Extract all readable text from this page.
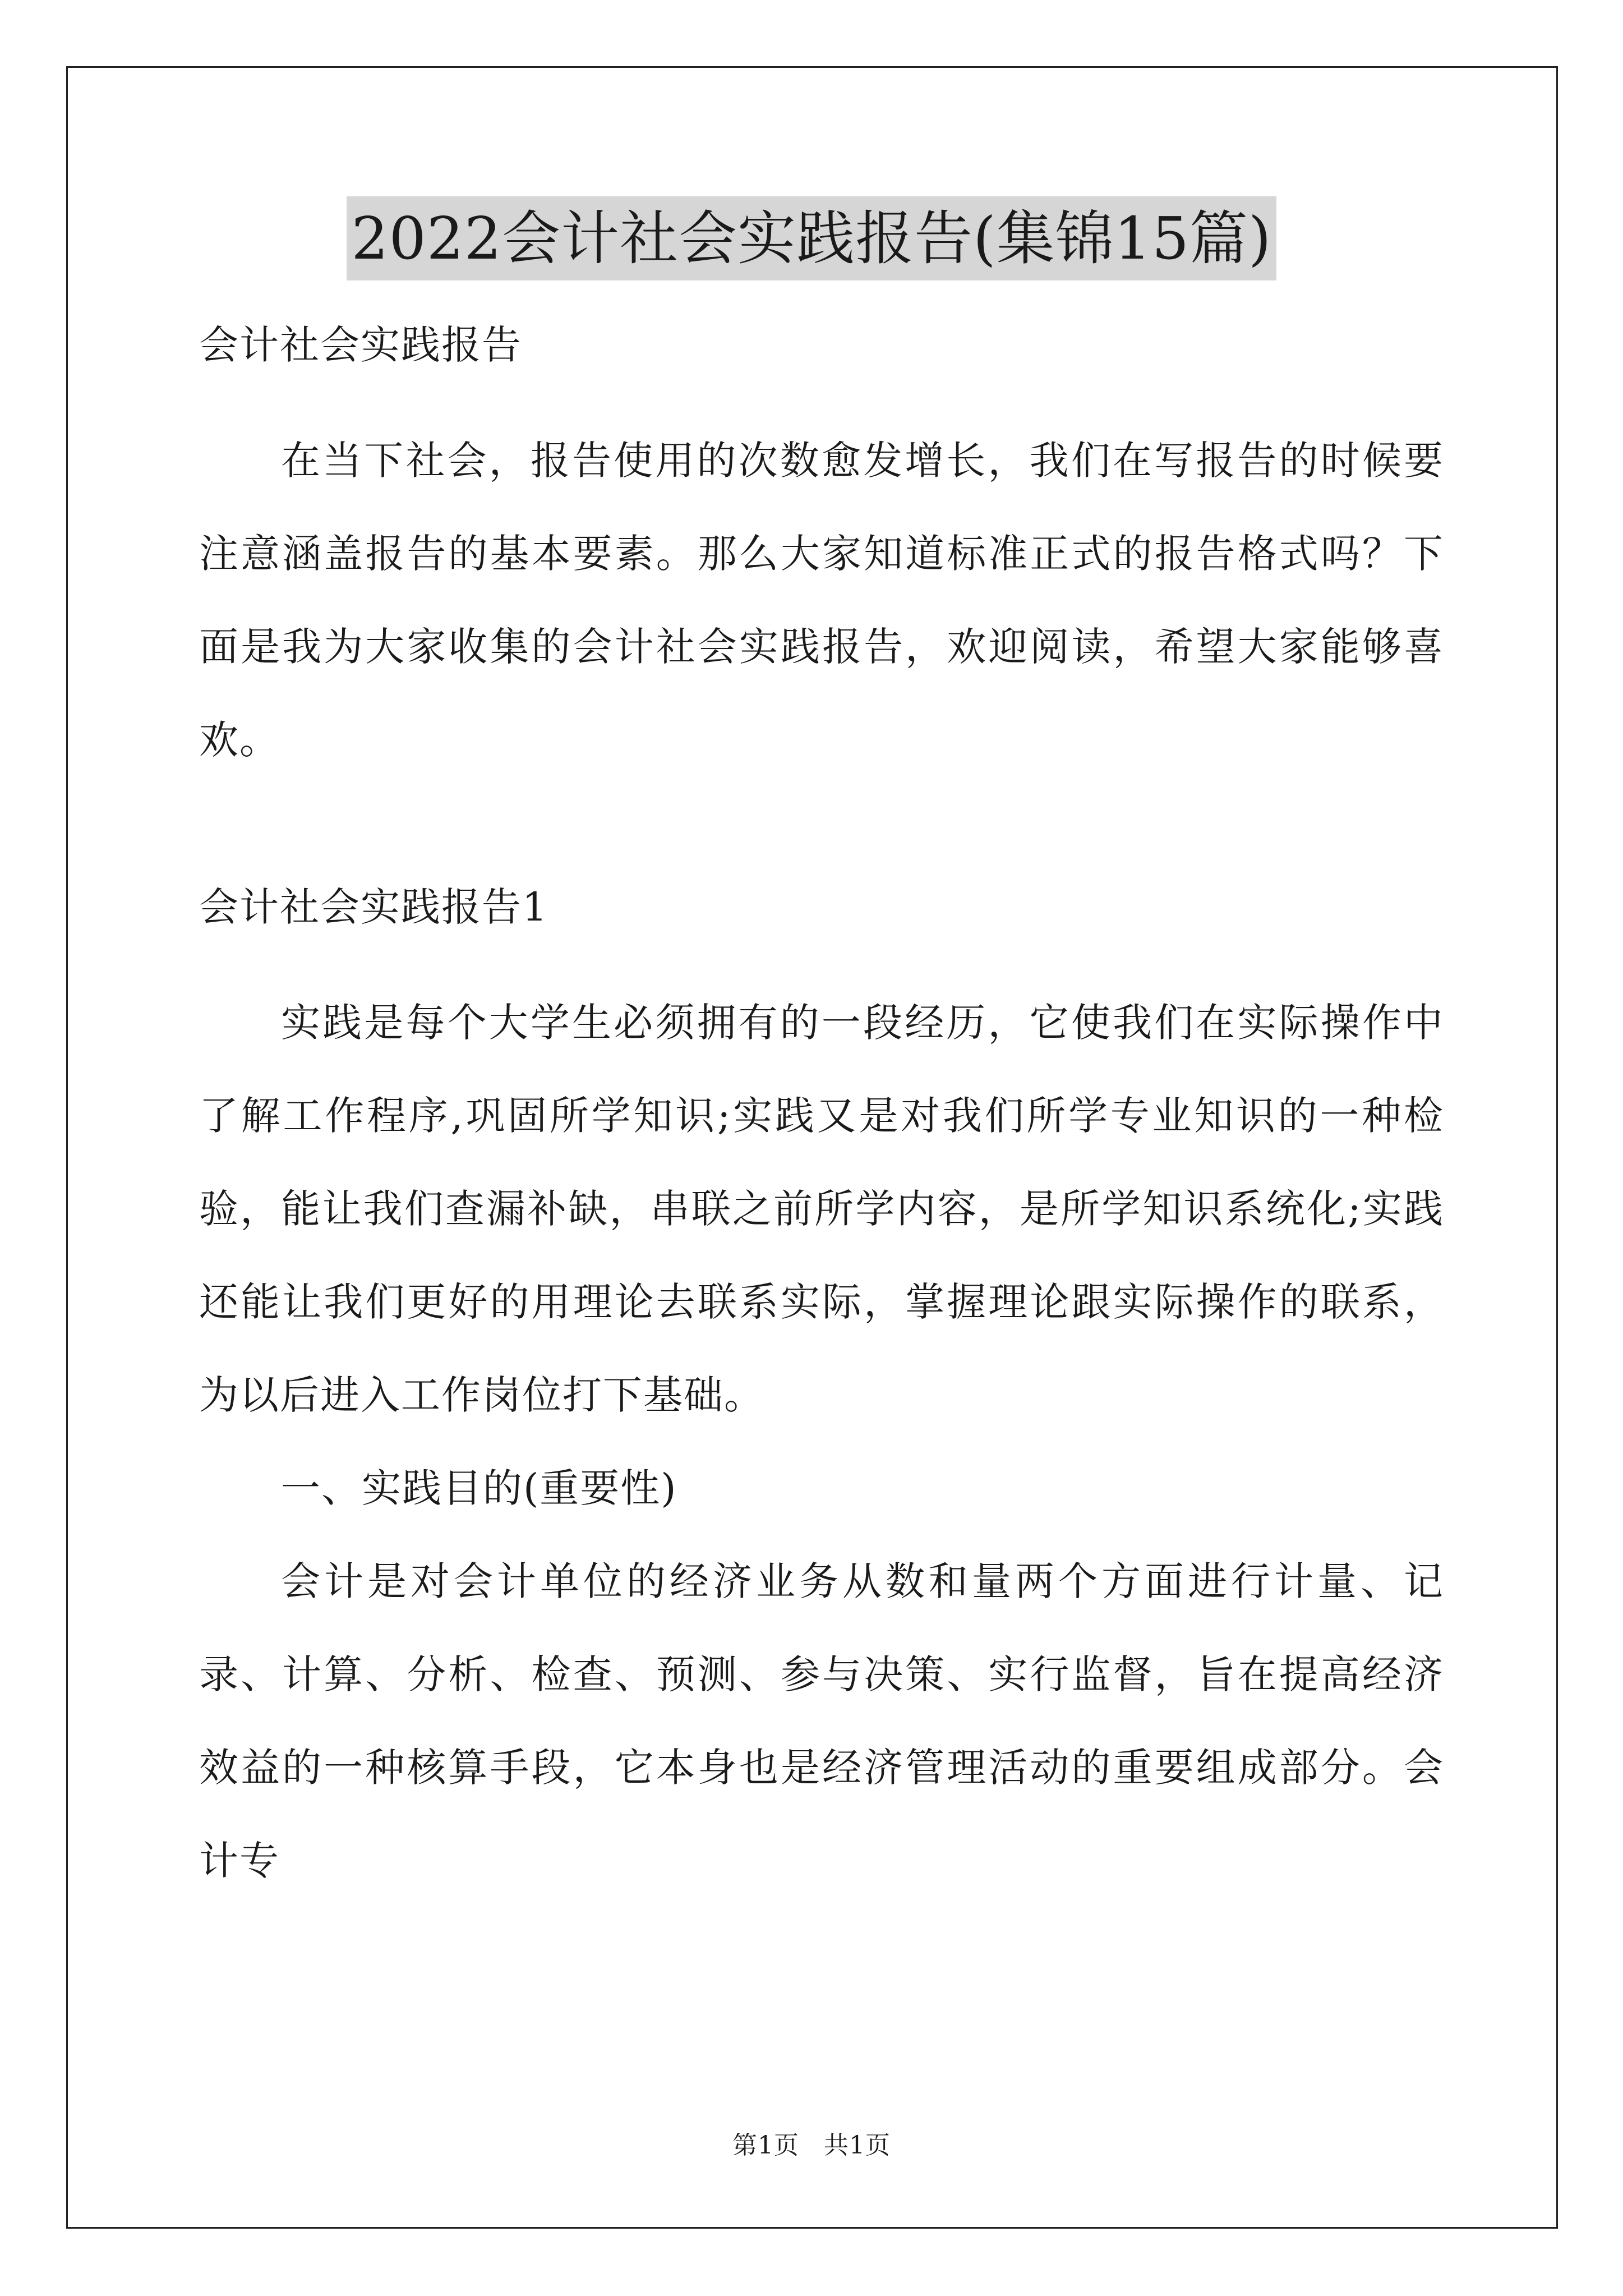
2022会计社会实践报告(集锦15篇)

会计社会实践报告

在当下社会，报告使用的次数愈发增长，我们在写报告的时候要注意涵盖报告的基本要素。那么大家知道标准正式的报告格式吗？下面是我为大家收集的会计社会实践报告，欢迎阅读，希望大家能够喜欢。

会计社会实践报告1

实践是每个大学生必须拥有的一段经历，它使我们在实际操作中了解工作程序,巩固所学知识;实践又是对我们所学专业知识的一种检验，能让我们查漏补缺，串联之前所学内容，是所学知识系统化;实践还能让我们更好的用理论去联系实际，掌握理论跟实际操作的联系，为以后进入工作岗位打下基础。

一、实践目的(重要性)

会计是对会计单位的经济业务从数和量两个方面进行计量、记录、计算、分析、检查、预测、参与决策、实行监督，旨在提高经济效益的一种核算手段，它本身也是经济管理活动的重要组成部分。会计专

第1页 共1页
